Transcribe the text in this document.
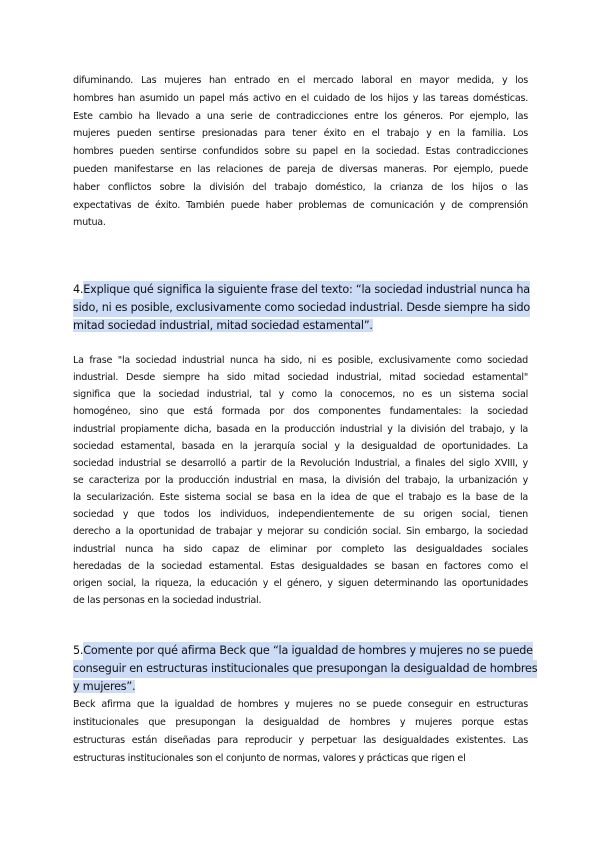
difuminando. Las mujeres han entrado en el mercado laboral en mayor medida, y los
hombres han asumido un papel más activo en el cuidado de los hijos y las tareas domésticas.
Este cambio ha llevado a una serie de contradicciones entre los géneros. Por ejemplo, las
mujeres pueden sentirse presionadas para tener éxito en el trabajo y en la familia. Los
hombres pueden sentirse confundidos sobre su papel en la sociedad. Estas contradicciones
pueden manifestarse en las relaciones de pareja de diversas maneras. Por ejemplo, puede
haber conflictos sobre la división del trabajo doméstico, la crianza de los hijos o las
expectativas de éxito. También puede haber problemas de comunicación y de comprensión
mutua.
4. Explique qué significa la siguiente frase del texto: “la sociedad industrial nunca ha
sido, ni es posible, exclusivamente como sociedad industrial. Desde siempre ha sido
mitad sociedad industrial, mitad sociedad estamental”.
La frase "la sociedad industrial nunca ha sido, ni es posible, exclusivamente como sociedad
industrial. Desde siempre ha sido mitad sociedad industrial, mitad sociedad estamental"
significa que la sociedad industrial, tal y como la conocemos, no es un sistema social
homogéneo, sino que está formada por dos componentes fundamentales: la sociedad
industrial propiamente dicha, basada en la producción industrial y la división del trabajo, y la
sociedad estamental, basada en la jerarquía social y la desigualdad de oportunidades. La
sociedad industrial se desarrolló a partir de la Revolución Industrial, a finales del siglo XVIII, y
se caracteriza por la producción industrial en masa, la división del trabajo, la urbanización y
la secularización. Este sistema social se basa en la idea de que el trabajo es la base de la
sociedad y que todos los individuos, independientemente de su origen social, tienen
derecho a la oportunidad de trabajar y mejorar su condición social. Sin embargo, la sociedad
industrial nunca ha sido capaz de eliminar por completo las desigualdades sociales
heredadas de la sociedad estamental. Estas desigualdades se basan en factores como el
origen social, la riqueza, la educación y el género, y siguen determinando las oportunidades
de las personas en la sociedad industrial.
5. Comente por qué afirma Beck que “la igualdad de hombres y mujeres no se puede
conseguir en estructuras institucionales que presupongan la desigualdad de hombres
y mujeres”.
Beck afirma que la igualdad de hombres y mujeres no se puede conseguir en estructuras
institucionales que presupongan la desigualdad de hombres y mujeres porque estas
estructuras están diseñadas para reproducir y perpetuar las desigualdades existentes. Las
estructuras institucionales son el conjunto de normas, valores y prácticas que rigen el
